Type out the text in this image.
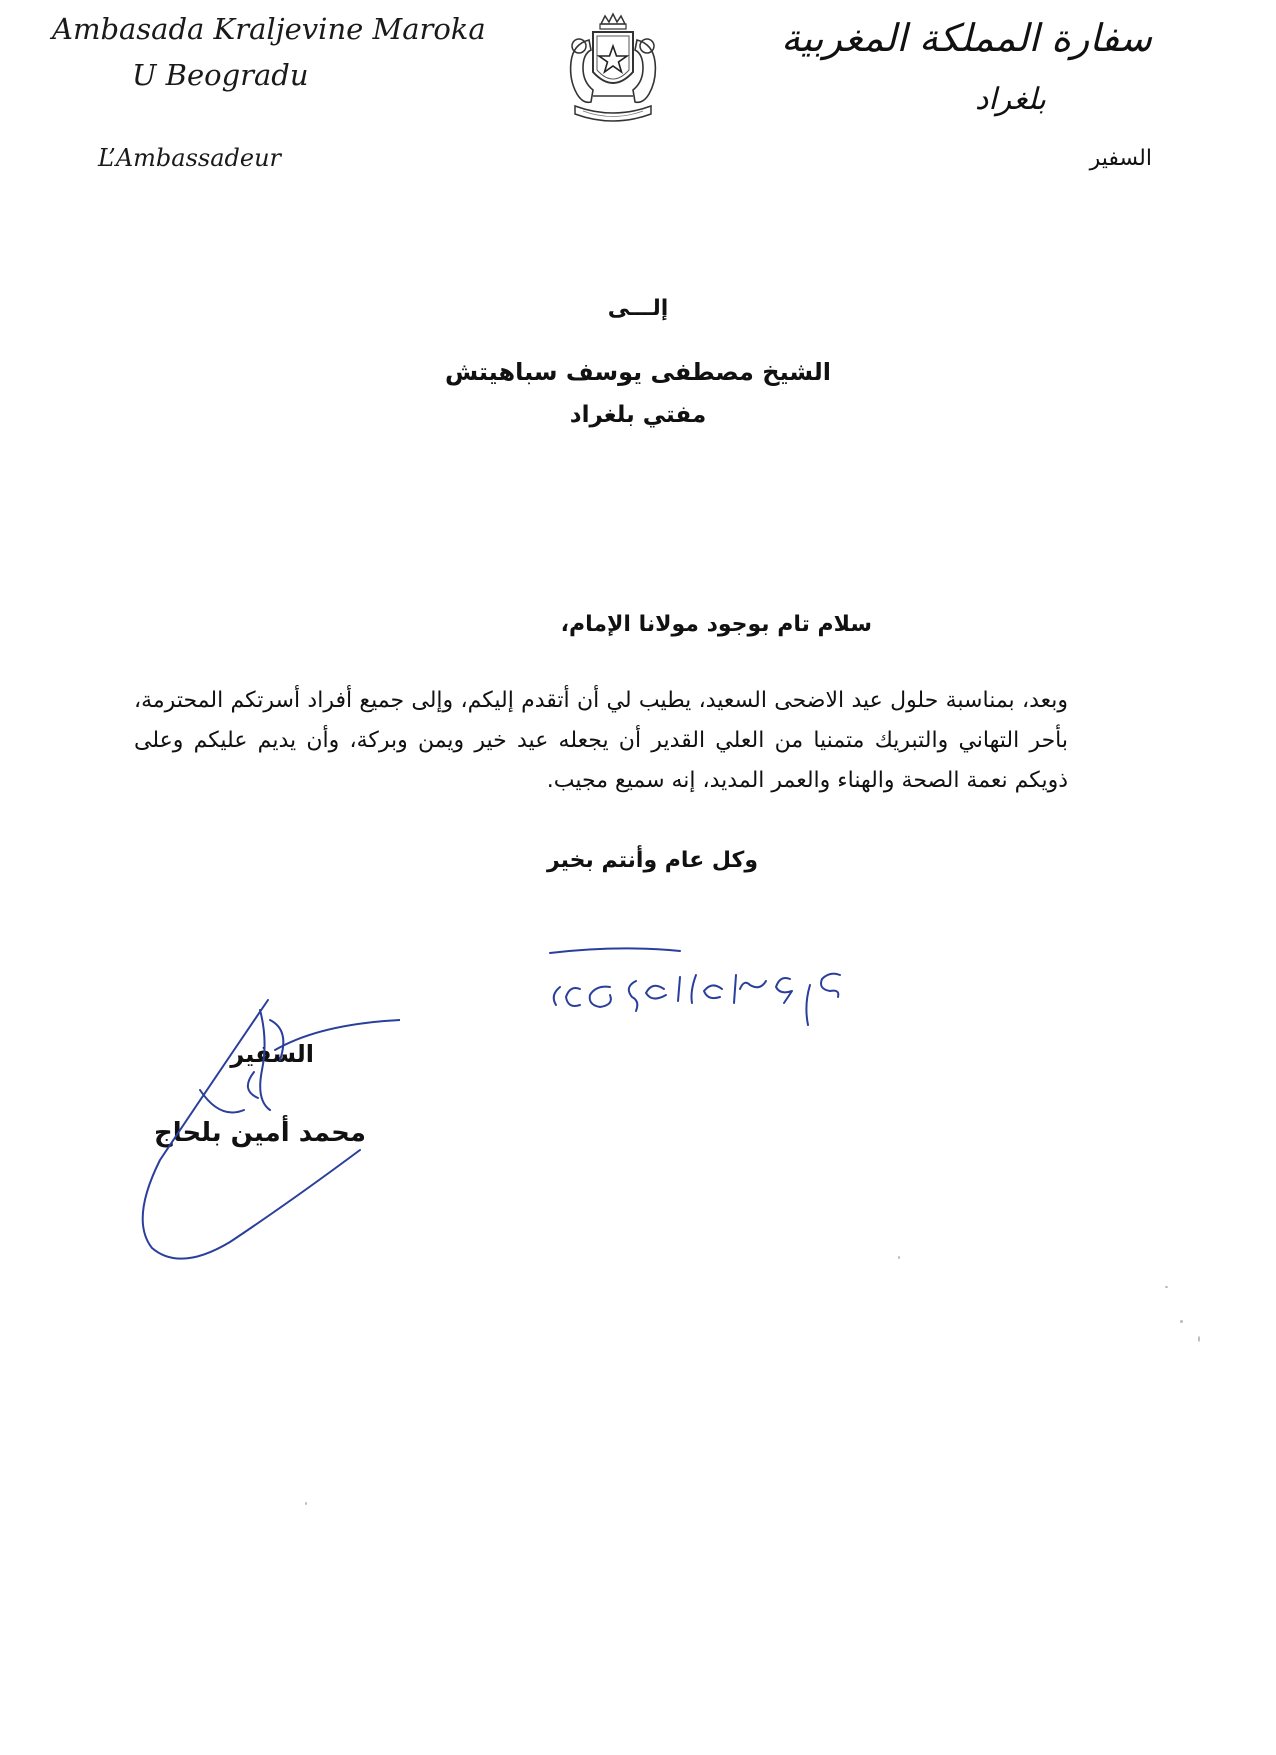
Ambasada Kraljevine Maroka
U Beogradu
L’Ambassadeur
سفارة المملكة المغربية
بلغراد
السفير
إلـــى
الشيخ مصطفى يوسف سباهيتش
مفتي بلغراد
سلام تام بوجود مولانا الإمام،
وبعد، بمناسبة حلول عيد الاضحى السعيد، يطيب لي أن أتقدم إليكم، وإلى جميع أفراد أسرتكم المحترمة، بأحر التهاني والتبريك متمنيا من العلي القدير أن يجعله عيد خير ويمن وبركة، وأن يديم عليكم وعلى ذويكم نعمة الصحة والهناء والعمر المديد، إنه سميع مجيب.
وكل عام وأنتم بخير
السفير
محمد أمين بلحاج
